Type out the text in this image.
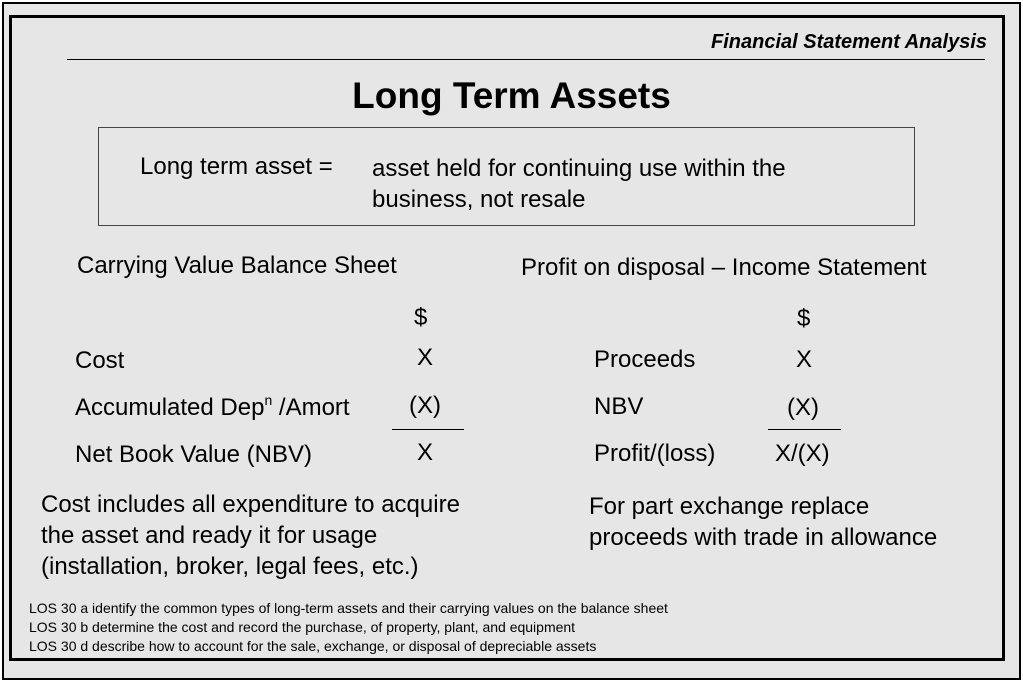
Financial Statement Analysis
Long Term Assets
Long term asset = asset held for continuing use within the
business, not resale
Carrying Value Balance Sheet
$
Cost	X
Accumulated Dep$^n$ /Amort (X)
Net Book Value (NBV)	X
Cost includes all expenditure to acquire
the asset and ready it for usage
(installation, broker, legal fees, etc.)
Profit on disposal – Income Statement
$
Proceeds	X
NBV	(X)
Profit/(loss) X/(X)
For part exchange replace
proceeds with trade in allowance
LOS 30 a identify the common types of long-term assets and their carrying values on the balance sheet
LOS 30 b determine the cost and record the purchase, of property, plant, and equipment
LOS 30 d describe how to account for the sale, exchange, or disposal of depreciable assets
